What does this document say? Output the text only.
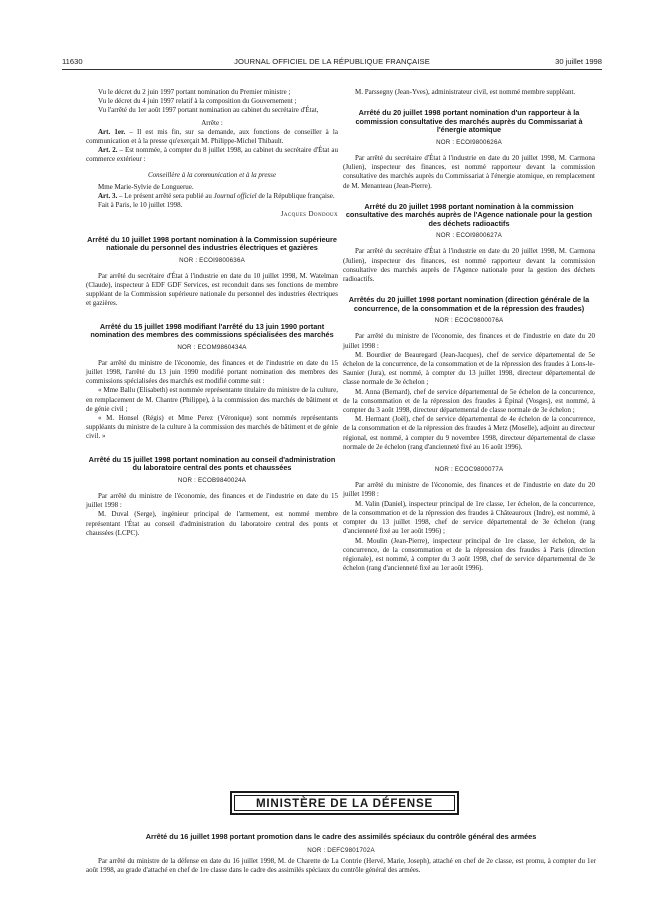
11630	JOURNAL OFFICIEL DE LA RÉPUBLIQUE FRANÇAISE	30 juillet 1998

Vu le décret du 2 juin 1997 portant nomination du Premier ministre ;

Vu le décret du 4 juin 1997 relatif à la composition du Gouvernement ;

Vu l'arrêté du 1er août 1997 portant nomination au cabinet du secrétaire d'État,

Arrête :

Art. 1er. – Il est mis fin, sur sa demande, aux fonctions de conseiller à la communication et à la presse qu'exerçait M. Philippe-Michel Thibault.

Art. 2. – Est nommée, à compter du 8 juillet 1998, au cabinet du secrétaire d'État au commerce extérieur :

Conseillère à la communication et à la presse

Mme Marie-Sylvie de Longuerue.

Art. 3. – Le présent arrêté sera publié au Journal officiel de la République française.

Fait à Paris, le 10 juillet 1998.

Jacques Dondoux

Arrêté du 10 juillet 1998 portant nomination à la Commission supérieure nationale du personnel des industries électriques et gazières
NOR : ECOI9800636A

Par arrêté du secrétaire d'État à l'industrie en date du 10 juillet 1998, M. Watelman (Claude), inspecteur à EDF GDF Services, est reconduit dans ses fonctions de membre suppléant de la Commission supérieure nationale du personnel des industries électriques et gazières.

Arrêté du 15 juillet 1998 modifiant l'arrêté du 13 juin 1990 portant nomination des membres des commissions spécialisées des marchés
NOR : ECOM9860434A

Par arrêté du ministre de l'économie, des finances et de l'industrie en date du 15 juillet 1998, l'arrêté du 13 juin 1990 modifié portant nomination des membres des commissions spécialisées des marchés est modifié comme suit :

« Mme Ballu (Elisabeth) est nommée représentante titulaire du ministre de la culture, en remplacement de M. Chantre (Philippe), à la commission des marchés de bâtiment et de génie civil ;

« M. Honsel (Régis) et Mme Perez (Véronique) sont nommés représentants suppléants du ministre de la culture à la commission des marchés de bâtiment et de génie civil. »

Arrêté du 15 juillet 1998 portant nomination au conseil d'administration du laboratoire central des ponts et chaussées
NOR : ECOB9840024A

Par arrêté du ministre de l'économie, des finances et de l'industrie en date du 15 juillet 1998 :

M. Duval (Serge), ingénieur principal de l'armement, est nommé membre représentant l'État au conseil d'administration du laboratoire central des ponts et chaussées (LCPC).

M. Parssegny (Jean-Yves), administrateur civil, est nommé membre suppléant.

Arrêté du 20 juillet 1998 portant nomination d'un rapporteur à la commission consultative des marchés auprès du Commissariat à l'énergie atomique
NOR : ECOI9800626A

Par arrêté du secrétaire d'État à l'industrie en date du 20 juillet 1998, M. Carmona (Julien), inspecteur des finances, est nommé rapporteur devant la commission consultative des marchés auprès du Commissariat à l'énergie atomique, en remplacement de M. Menanteau (Jean-Pierre).

Arrêté du 20 juillet 1998 portant nomination à la commission consultative des marchés auprès de l'Agence nationale pour la gestion des déchets radioactifs
NOR : ECOI9800627A

Par arrêté du secrétaire d'État à l'industrie en date du 20 juillet 1998, M. Carmona (Julien), inspecteur des finances, est nommé rapporteur devant la commission consultative des marchés auprès de l'Agence nationale pour la gestion des déchets radioactifs.

Arrêtés du 20 juillet 1998 portant nomination (direction générale de la concurrence, de la consommation et de la répression des fraudes)
NOR : ECOC9800076A

Par arrêté du ministre de l'économie, des finances et de l'industrie en date du 20 juillet 1998 :

M. Bourdier de Beauregard (Jean-Jacques), chef de service départemental de 5e échelon de la concurrence, de la consommation et de la répression des fraudes à Lons-le-Saunier (Jura), est nommé, à compter du 13 juillet 1998, directeur départemental de classe normale de 3e échelon ;

M. Anna (Bernard), chef de service départemental de 5e échelon de la concurrence, de la consommation et de la répression des fraudes à Épinal (Vosges), est nommé, à compter du 3 août 1998, directeur départemental de classe normale de 3e échelon ;

M. Hermant (Joël), chef de service départemental de 4e échelon de la concurrence, de la consommation et de la répression des fraudes à Metz (Moselle), adjoint au directeur régional, est nommé, à compter du 9 novembre 1998, directeur départemental de classe normale de 2e échelon (rang d'ancienneté fixé au 16 août 1996).

NOR : ECOC9800077A

Par arrêté du ministre de l'économie, des finances et de l'industrie en date du 20 juillet 1998 :

M. Valin (Daniel), inspecteur principal de 1re classe, 1er échelon, de la concurrence, de la consommation et de la répression des fraudes à Châteauroux (Indre), est nommé, à compter du 13 juillet 1998, chef de service départemental de 3e échelon (rang d'ancienneté fixé au 1er août 1996) ;

M. Moulin (Jean-Pierre), inspecteur principal de 1re classe, 1er échelon, de la concurrence, de la consommation et de la répression des fraudes à Paris (direction régionale), est nommé, à compter du 3 août 1998, chef de service départemental de 3e échelon (rang d'ancienneté fixé au 1er août 1996).

MINISTÈRE DE LA DÉFENSE
Arrêté du 16 juillet 1998 portant promotion dans le cadre des assimilés spéciaux du contrôle général des armées
NOR : DEFC9801702A

Par arrêté du ministre de la défense en date du 16 juillet 1998, M. de Charette de La Contrie (Hervé, Marie, Joseph), attaché en chef de 2e classe, est promu, à compter du 1er août 1998, au grade d'attaché en chef de 1re classe dans le cadre des assimilés spéciaux du contrôle général des armées.
